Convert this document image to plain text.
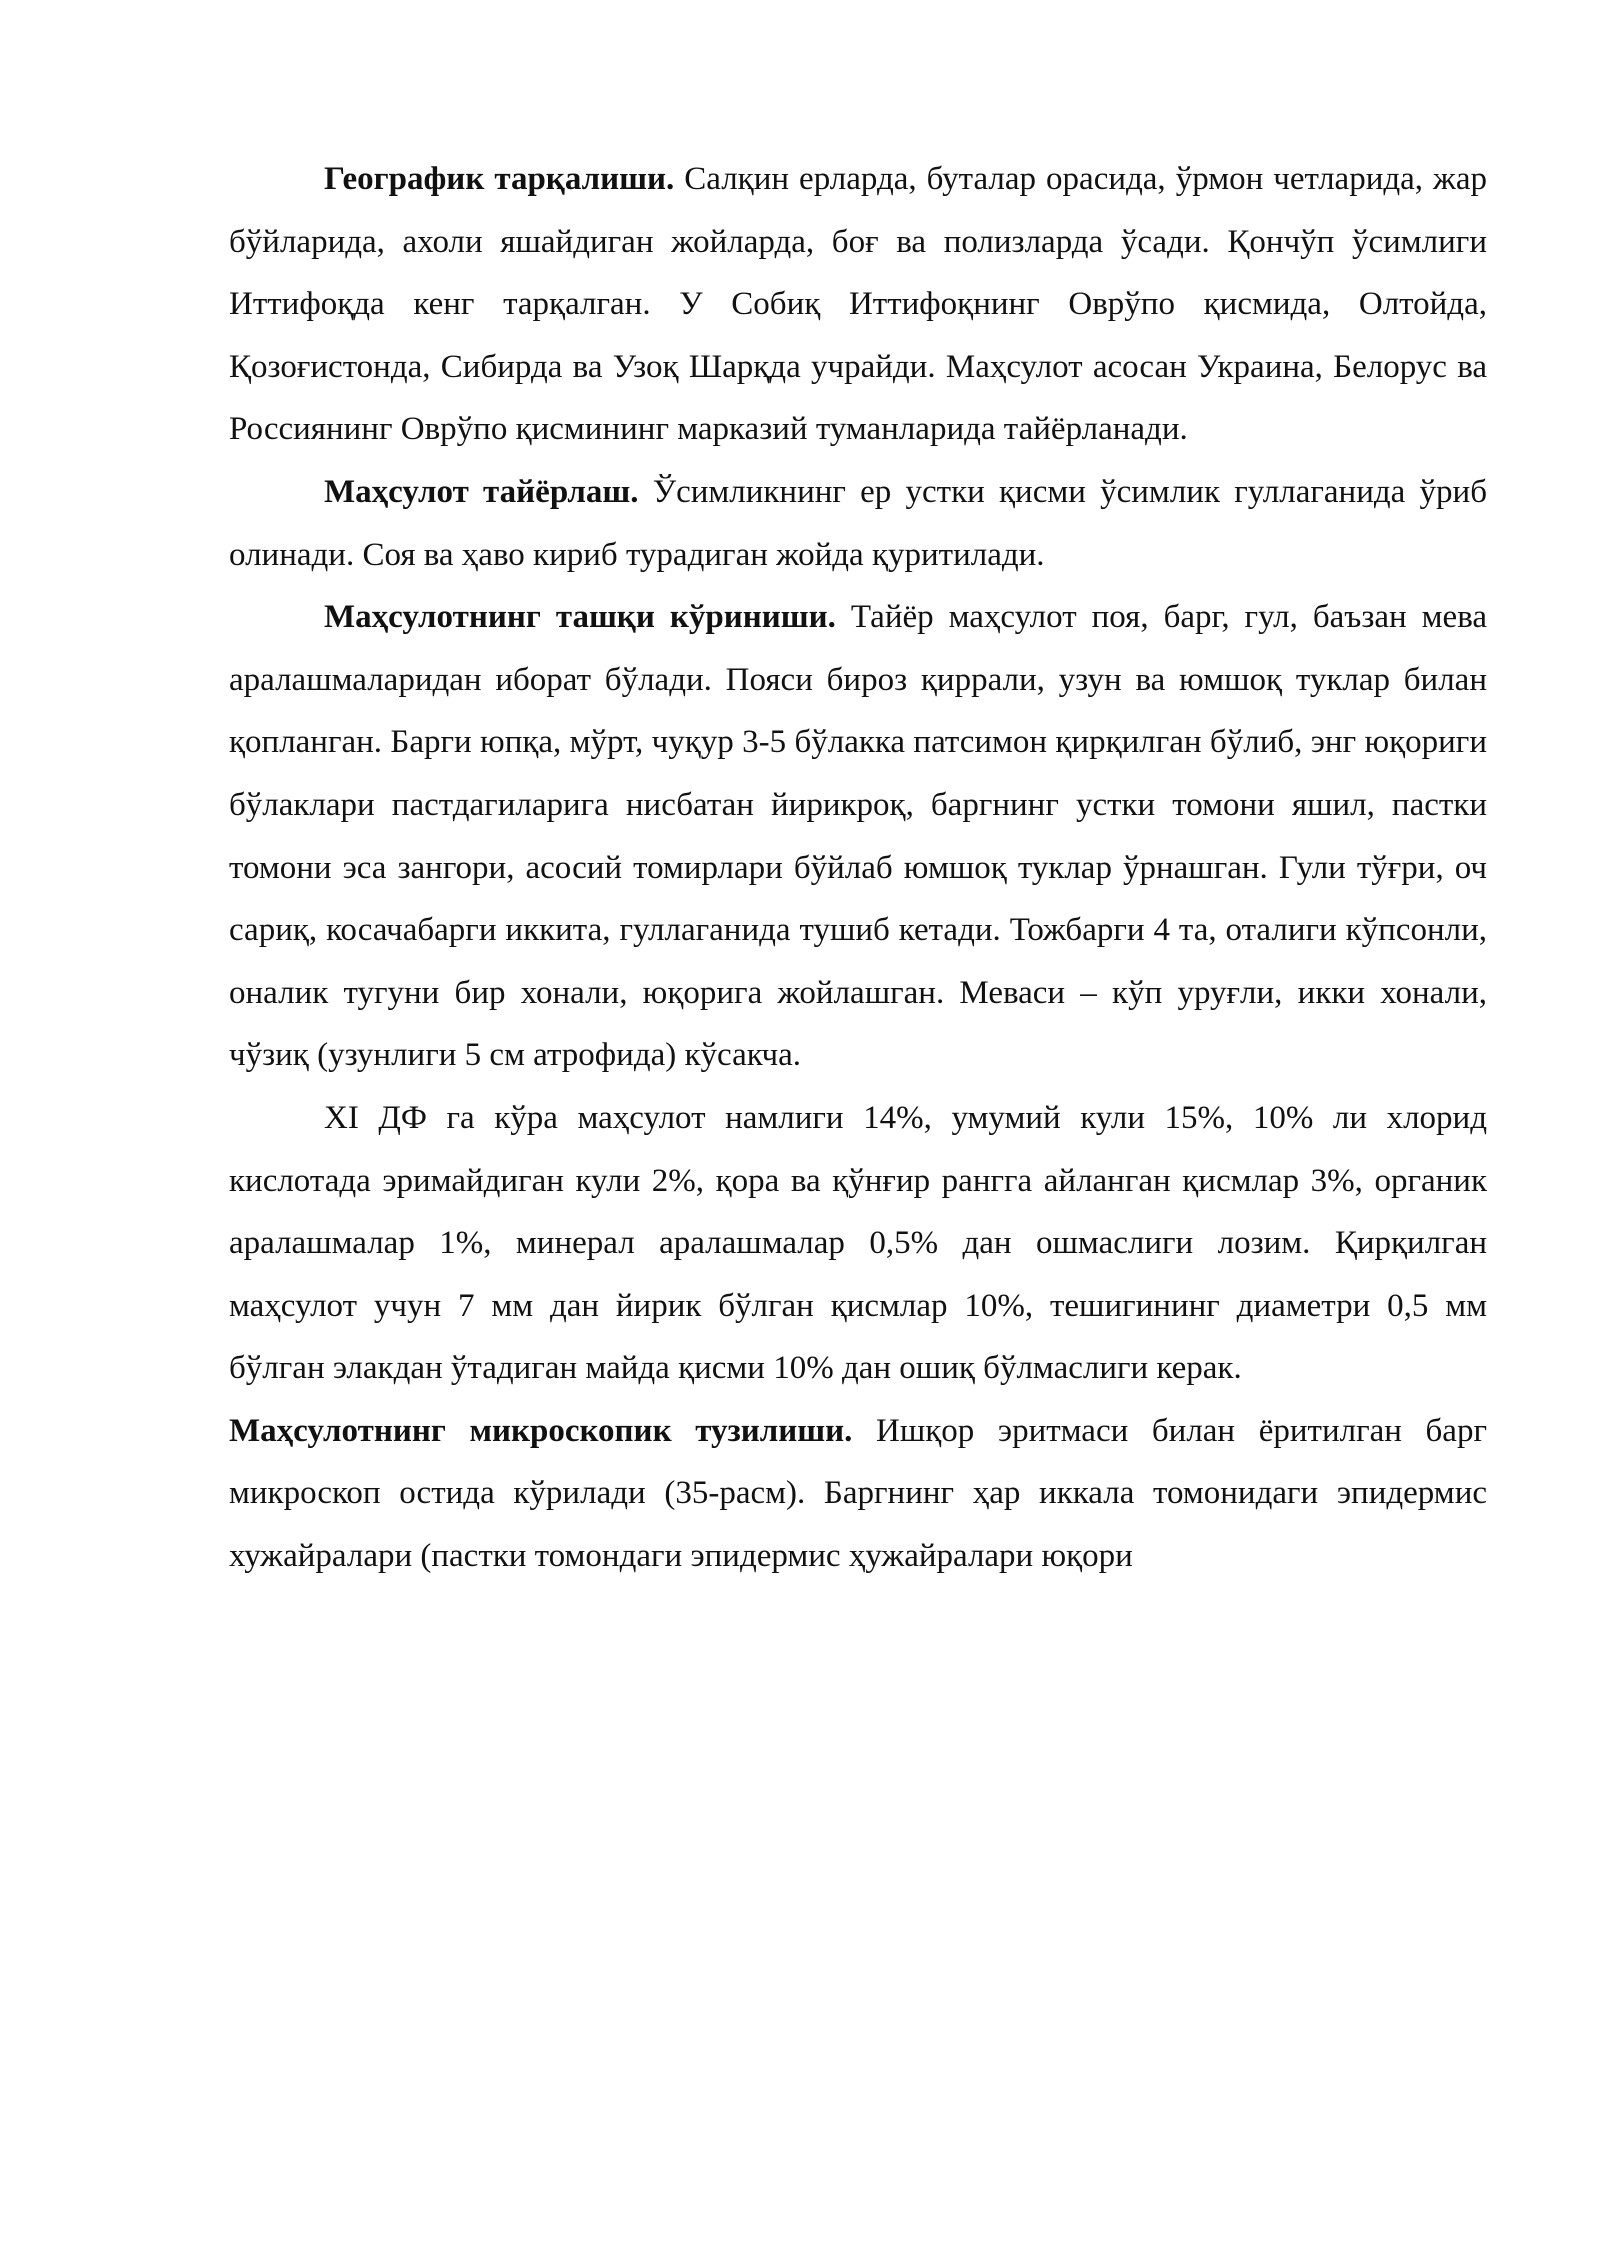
Географик тарқалиши. Салқин ерларда, буталар орасида, ўрмон четларида, жар бўйларида, ахоли яшайдиган жойларда, боғ ва полизларда ўсади. Қончўп ўсимлиги Иттифоқда кенг тарқалган. У Собиқ Иттифоқнинг Оврўпо қисмида, Олтойда, Қозоғистонда, Сибирда ва Узоқ Шарқда учрайди. Маҳсулот асосан Украина, Белорус ва Россиянинг Оврўпо қисмининг марказий туманларида тайёрланади.

Маҳсулот тайёрлаш. Ўсимликнинг ер устки қисми ўсимлик гуллаганида ўриб олинади. Соя ва ҳаво кириб турадиган жойда қуритилади.

Маҳсулотнинг ташқи кўриниши. Тайёр маҳсулот поя, барг, гул, баъзан мева аралашмаларидан иборат бўлади. Пояси бироз қиррали, узун ва юмшоқ туклар билан қопланган. Барги юпқа, мўрт, чуқур 3-5 бўлакка патсимон қирқилган бўлиб, энг юқориги бўлаклари пастдагиларига нисбатан йирикроқ, баргнинг устки томони яшил, пастки томони эса зангори, асосий томирлари бўйлаб юмшоқ туклар ўрнашган. Гули тўғри, оч сариқ, косачабарги иккита, гуллаганида тушиб кетади. Тожбарги 4 та, оталиги кўпсонли, оналик тугуни бир хонали, юқорига жойлашган. Меваси – кўп уруғли, икки хонали, чўзиқ (узунлиги 5 см атрофида) кўсакча.

XI ДФ га кўра маҳсулот намлиги 14%, умумий кули 15%, 10% ли хлорид кислотада эримайдиган кули 2%, қора ва қўнғир рангга айланган қисмлар 3%, органик аралашмалар 1%, минерал аралашмалар 0,5% дан ошмаслиги лозим. Қирқилган маҳсулот учун 7 мм дан йирик бўлган қисмлар 10%, тешигининг диаметри 0,5 мм бўлган элакдан ўтадиган майда қисми 10% дан ошиқ бўлмаслиги керак.

Маҳсулотнинг микроскопик тузилиши. Ишқор эритмаси билан ёритилган барг микроскоп остида кўрилади (35-расм). Баргнинг ҳар иккала томонидаги эпидермис хужайралари (пастки томондаги эпидермис ҳужайралари юқори
